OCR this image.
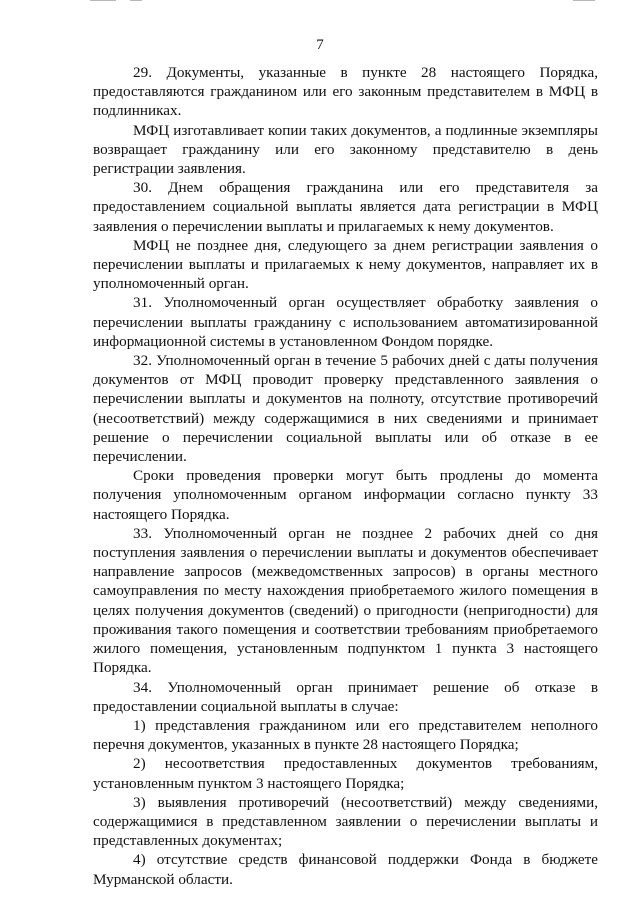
7

29. Документы, указанные в пункте 28 настоящего Порядка, предоставляются гражданином или его законным представителем в МФЦ в подлинниках.

МФЦ изготавливает копии таких документов, а подлинные экземпляры возвращает гражданину или его законному представителю в день регистрации заявления.

30. Днем обращения гражданина или его представителя за предоставлением социальной выплаты является дата регистрации в МФЦ заявления о перечислении выплаты и прилагаемых к нему документов.

МФЦ не позднее дня, следующего за днем регистрации заявления о перечислении выплаты и прилагаемых к нему документов, направляет их в уполномоченный орган.

31. Уполномоченный орган осуществляет обработку заявления о перечислении выплаты гражданину с использованием автоматизированной информационной системы в установленном Фондом порядке.

32. Уполномоченный орган в течение 5 рабочих дней с даты получения документов от МФЦ проводит проверку представленного заявления о перечислении выплаты и документов на полноту, отсутствие противоречий (несоответствий) между содержащимися в них сведениями и принимает решение о перечислении социальной выплаты или об отказе в ее перечислении.

Сроки проведения проверки могут быть продлены до момента получения уполномоченным органом информации согласно пункту 33 настоящего Порядка.

33. Уполномоченный орган не позднее 2 рабочих дней со дня поступления заявления о перечислении выплаты и документов обеспечивает направление запросов (межведомственных запросов) в органы местного самоуправления по месту нахождения приобретаемого жилого помещения в целях получения документов (сведений) о пригодности (непригодности) для проживания такого помещения и соответствии требованиям приобретаемого жилого помещения, установленным подпунктом 1 пункта 3 настоящего Порядка.

34. Уполномоченный орган принимает решение об отказе в предоставлении социальной выплаты в случае:

1) представления гражданином или его представителем неполного перечня документов, указанных в пункте 28 настоящего Порядка;

2) несоответствия предоставленных документов требованиям, установленным пунктом 3 настоящего Порядка;

3) выявления противоречий (несоответствий) между сведениями, содержащимися в представленном заявлении о перечислении выплаты и представленных документах;

4) отсутствие средств финансовой поддержки Фонда в бюджете Мурманской области.
